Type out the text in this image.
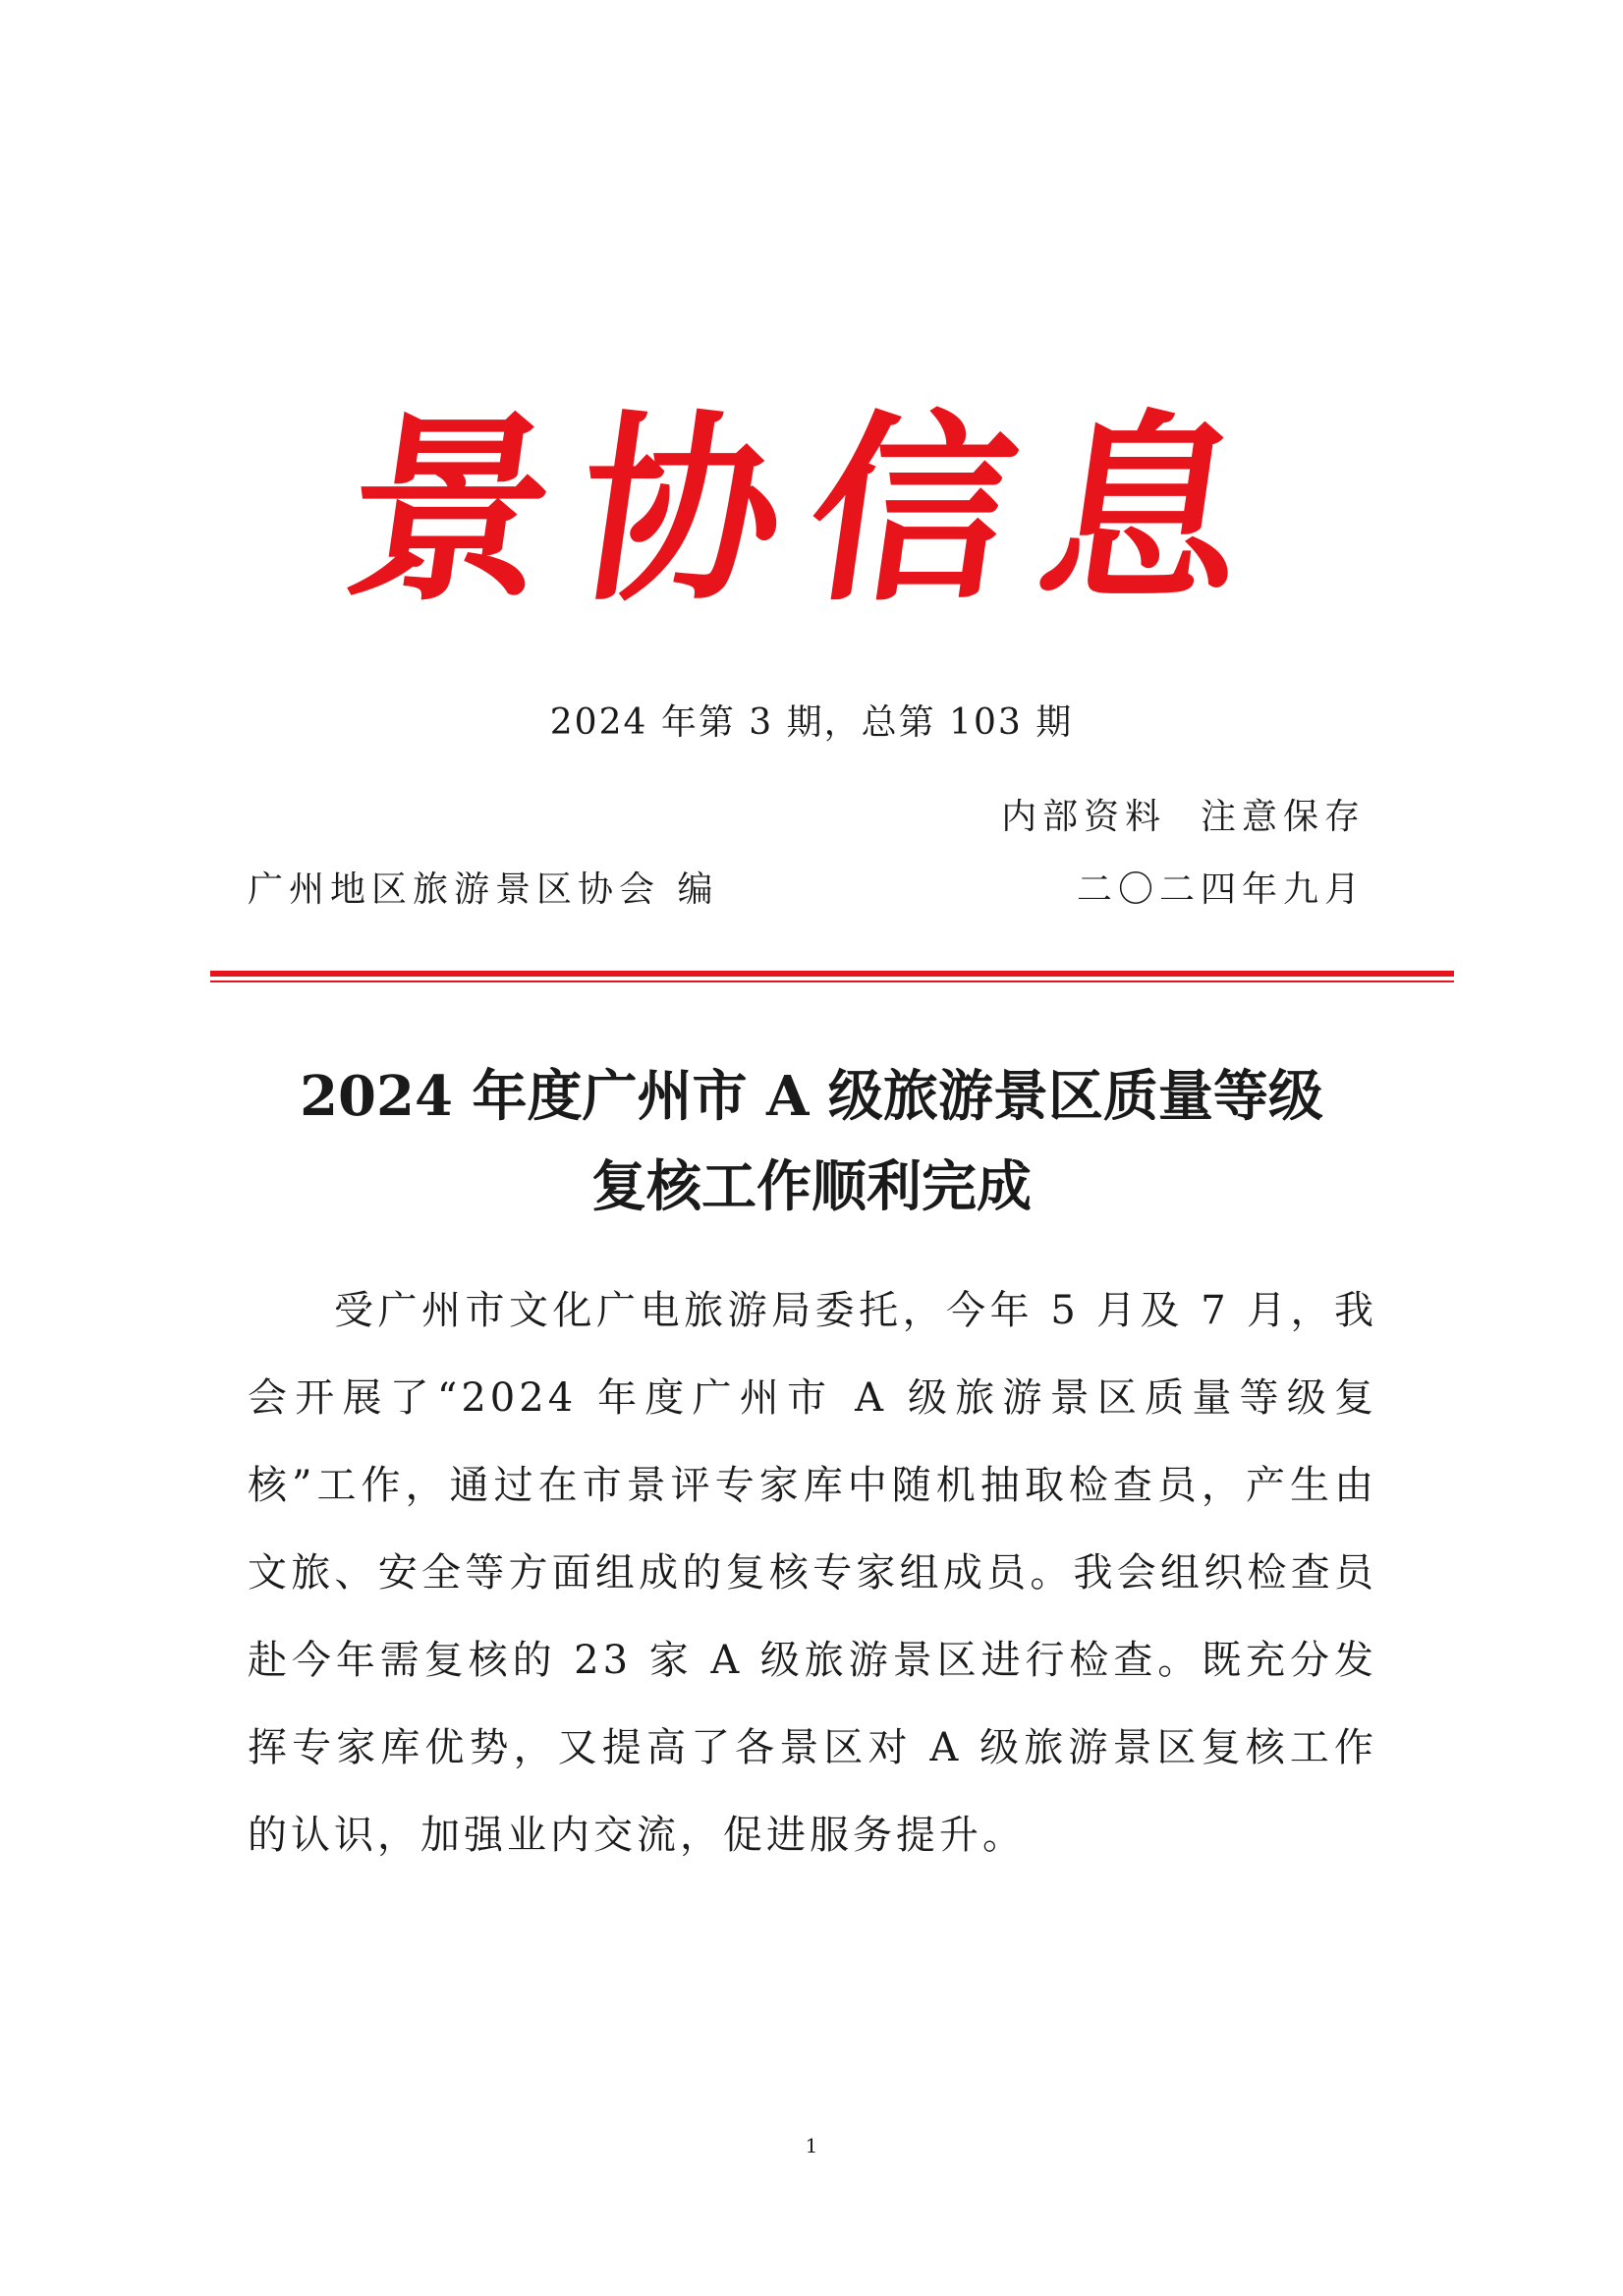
景协信息
2024 年第 3 期，总第 103 期
内部资料  注意保存
广州地区旅游景区协会 编	二〇二四年九月
2024 年度广州市 A 级旅游景区质量等级
复核工作顺利完成

受广州市文化广电旅游局委托，今年 5 月及 7 月，我会开展了“2024 年度广州市 A 级旅游景区质量等级复核”工作，通过在市景评专家库中随机抽取检查员，产生由文旅、安全等方面组成的复核专家组成员。我会组织检查员赴今年需复核的 23 家 A 级旅游景区进行检查。既充分发挥专家库优势，又提高了各景区对 A 级旅游景区复核工作的认识，加强业内交流，促进服务提升。

1
